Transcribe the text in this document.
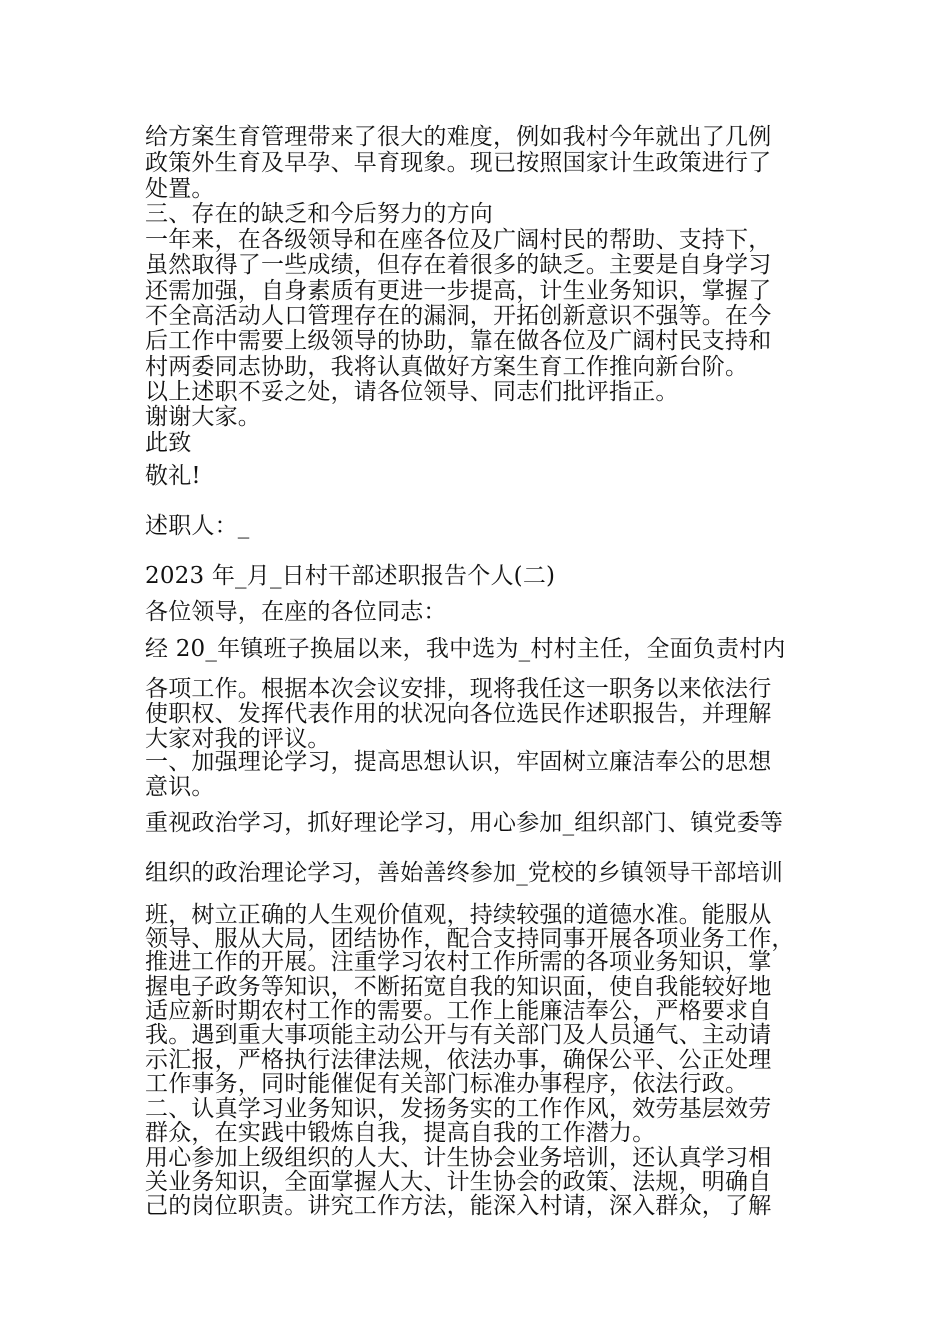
给方案生育管理带来了很大的难度，例如我村今年就出了几例
政策外生育及早孕、早育现象。现已按照国家计生政策进行了
处置。
三、存在的缺乏和今后努力的方向
一年来，在各级领导和在座各位及广阔村民的帮助、支持下，
虽然取得了一些成绩，但存在着很多的缺乏。主要是自身学习
还需加强，自身素质有更进一步提高，计生业务知识，掌握了
不全高活动人口管理存在的漏洞，开拓创新意识不强等。在今
后工作中需要上级领导的协助，靠在做各位及广阔村民支持和
村两委同志协助，我将认真做好方案生育工作推向新台阶。
以上述职不妥之处，请各位领导、同志们批评指正。
谢谢大家。
此致
敬礼!
述职人：_
2023 年_月_日村干部述职报告个人(二)
各位领导，在座的各位同志：
经 20_年镇班子换届以来，我中选为_村村主任，全面负责村内
各项工作。根据本次会议安排，现将我任这一职务以来依法行
使职权、发挥代表作用的状况向各位选民作述职报告，并理解
大家对我的评议。
一、加强理论学习，提高思想认识，牢固树立廉洁奉公的思想
意识。
重视政治学习，抓好理论学习，用心参加_组织部门、镇党委等
组织的政治理论学习，善始善终参加_党校的乡镇领导干部培训
班，树立正确的人生观价值观，持续较强的道德水准。能服从
领导、服从大局，团结协作，配合支持同事开展各项业务工作，
推进工作的开展。注重学习农村工作所需的各项业务知识，掌
握电子政务等知识，不断拓宽自我的知识面，使自我能较好地
适应新时期农村工作的需要。工作上能廉洁奉公，严格要求自
我。遇到重大事项能主动公开与有关部门及人员通气、主动请
示汇报，严格执行法律法规，依法办事，确保公平、公正处理
工作事务，同时能催促有关部门标准办事程序，依法行政。
二、认真学习业务知识，发扬务实的工作作风，效劳基层效劳
群众，在实践中锻炼自我，提高自我的工作潜力。
用心参加上级组织的人大、计生协会业务培训，还认真学习相
关业务知识，全面掌握人大、计生协会的政策、法规，明确自
己的岗位职责。讲究工作方法，能深入村请，深入群众，了解
